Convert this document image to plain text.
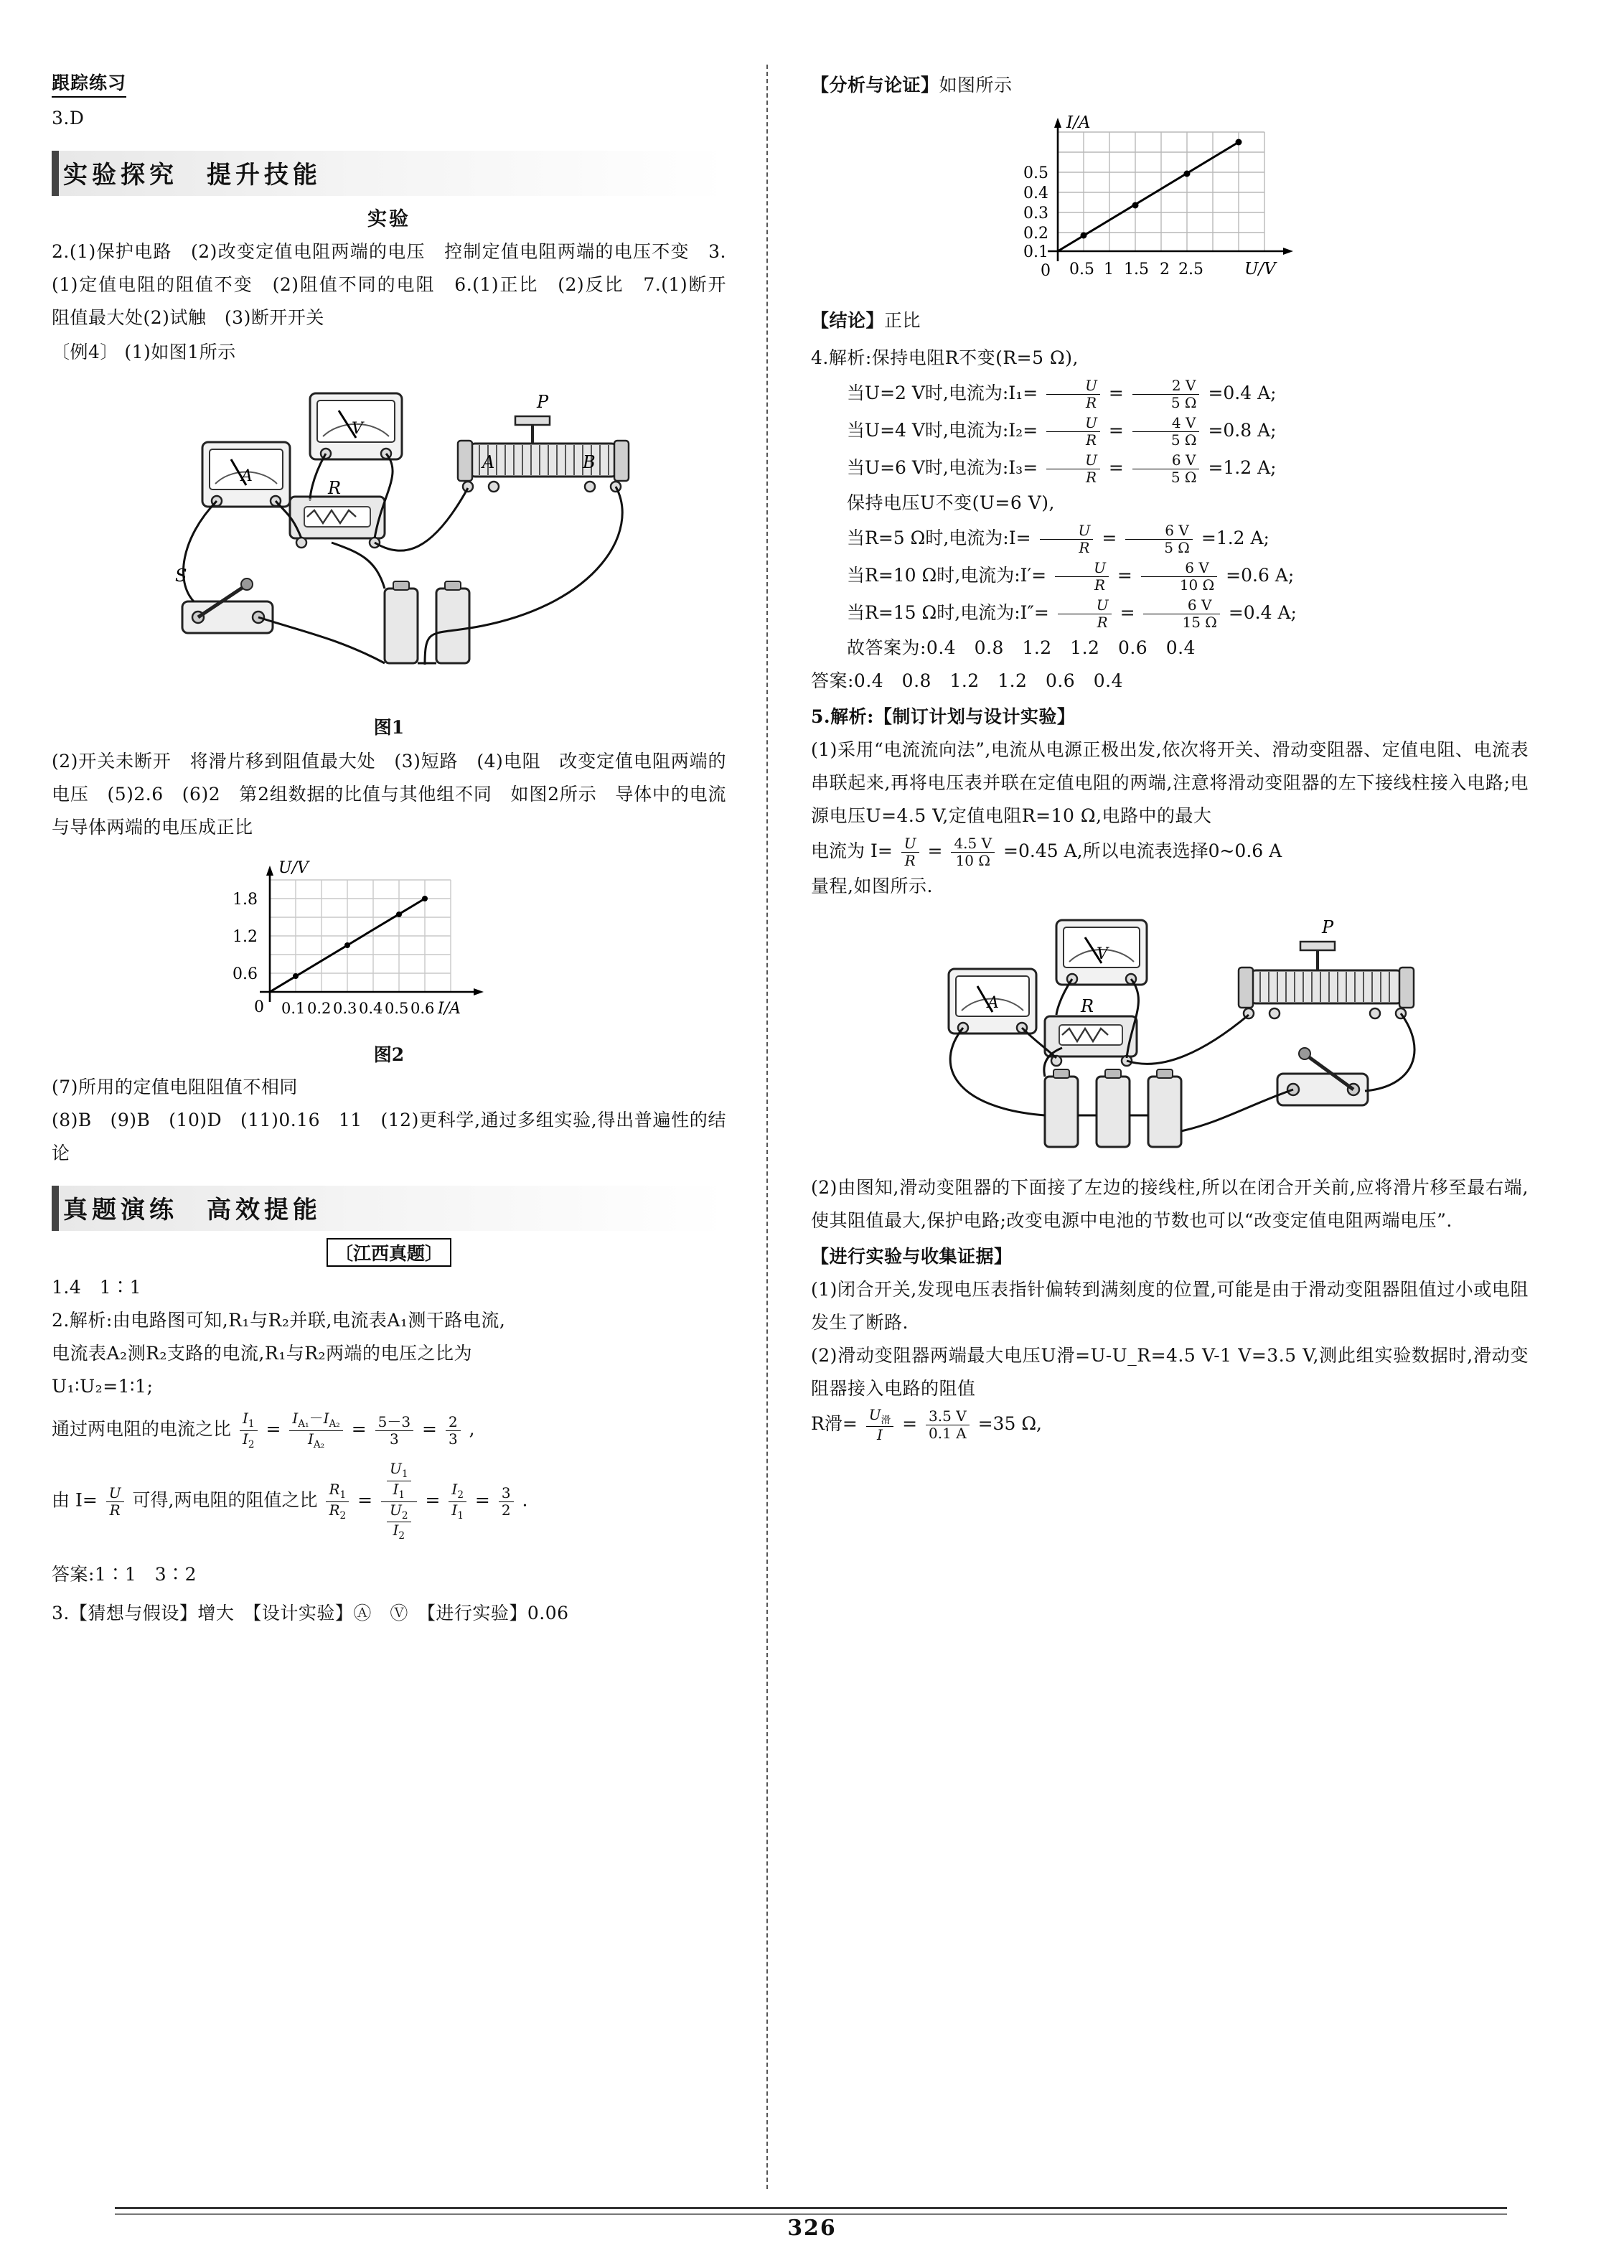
跟踪练习
3.D
实验探究　提升技能
实验
2.(1)保护电路　(2)改变定值电阻两端的电压　控制定值电阻两端的电压不变　3.(1)定值电阻的阻值不变　(2)阻值不同的电阻　6.(1)正比　(2)反比　7.(1)断开　阻值最大处(2)试触　(3)断开开关
〔例4〕 (1)如图1所示
V
A
R
P
A	B
S
图1
(2)开关未断开　将滑片移到阻值最大处　(3)短路　(4)电阻　改变定值电阻两端的电压　(5)2.6　(6)2　第2组数据的比值与其他组不同　如图2所示　导体中的电流与导体两端的电压成正比
U/V
I/A
0.6
1.2
1.8
0 0.1 0.2 0.3 0.4 0.5 0.6
图2
(7)所用的定值电阻阻值不相同
(8)B　(9)B　(10)D　(11)0.16　11　(12)更科学,通过多组实验,得出普遍性的结论
真题演练　高效提能
〔江西真题〕
1.4　1∶1
2.解析:由电路图可知,R₁与R₂并联,电流表A₁测干路电流,
电流表A₂测R₂支路的电流,R₁与R₂两端的电压之比为
U₁∶U₂=1∶1;
通过两电阻的电流之比 $\frac{I_1}{I_2} = \frac{I_{A_1}-I_{A_2}}{I_{A_2}} = \frac{5-3}{3} = \frac{2}{3}$ ,
由 $I= \frac{U}{R}$ 可得,两电阻的阻值之比 $\frac{R_1}{R_2} = \frac{\frac{U_1}{I_1}}{\frac{U_2}{I_2}} = \frac{I_2}{I_1} = \frac{3}{2}$ .
答案:1∶1　3∶2
3.【猜想与假设】增大　【设计实验】Ⓐ　Ⓥ　【进行实验】0.06
【分析与论证】如图所示
I/A
U/V
0.1
0.2
0.3
0.4
0.5
0 0.5 1 1.5 2 2.5
【结论】正比
4.解析:保持电阻R不变(R=5 Ω),
当U=2 V时,电流为:I₁= $\frac{U}{R} = \frac{2 V}{5 \Omega} =0.4$ A;
当U=4 V时,电流为:I₂= $\frac{U}{R} = \frac{4 V}{5 \Omega} =0.8$ A;
当U=6 V时,电流为:I₃= $\frac{U}{R} = \frac{6 V}{5 \Omega} =1.2$ A;
保持电压U不变(U=6 V),
当R=5 Ω时,电流为:I= $\frac{U}{R} = \frac{6 V}{5 \Omega} =1.2$ A;
当R=10 Ω时,电流为:I′= $\frac{U}{R} = \frac{6 V}{10 \Omega} =0.6$ A;
当R=15 Ω时,电流为:I″= $\frac{U}{R} = \frac{6 V}{15 \Omega} =0.4$ A;
故答案为:0.4　0.8　1.2　1.2　0.6　0.4
答案:0.4　0.8　1.2　1.2　0.6　0.4
5.解析:【制订计划与设计实验】
(1)采用“电流流向法”,电流从电源正极出发,依次将开关、滑动变阻器、定值电阻、电流表串联起来,再将电压表并联在定值电阻的两端,注意将滑动变阻器的左下接线柱接入电路;电源电压U=4.5 V,定值电阻R=10 Ω,电路中的最大
电流为 $I= \frac{U}{R} = \frac{4.5 V}{10 \Omega} =0.45$ A,所以电流表选择0~0.6 A
量程,如图所示.
V
A	R
P
(2)由图知,滑动变阻器的下面接了左边的接线柱,所以在闭合开关前,应将滑片移至最右端,使其阻值最大,保护电路;改变电源中电池的节数也可以“改变定值电阻两端电压”.
【进行实验与收集证据】
(1)闭合开关,发现电压表指针偏转到满刻度的位置,可能是由于滑动变阻器阻值过小或电阻发生了断路.
(2)滑动变阻器两端最大电压U滑=U-U_R=4.5 V-1 V=3.5 V,测此组实验数据时,滑动变阻器接入电路的阻值
R滑= $\frac{U_滑}{I} = \frac{3.5 V}{0.1 A} =35$ Ω,
326
